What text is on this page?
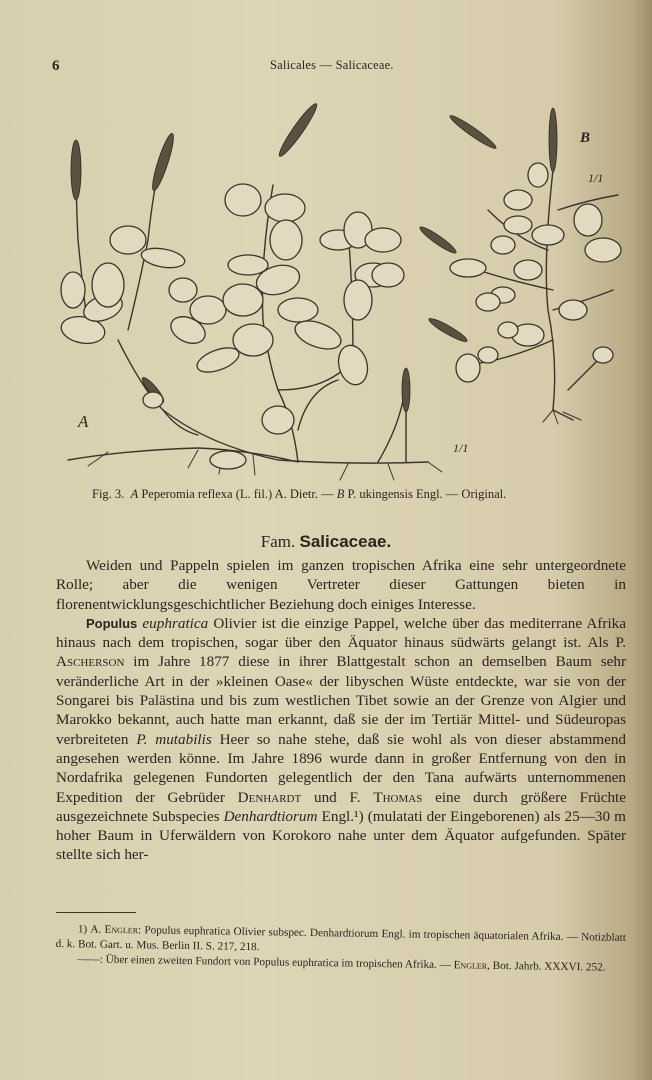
6	Salicales — Salicaceae.
A
B
1/1
1/1
Fig. 3. A Peperomia reflexa (L. fil.) A. Dietr. — B P. ukingensis Engl. — Original.
Fam. Salicaceae.

Weiden und Pappeln spielen im ganzen tropischen Afrika eine sehr untergeordnete Rolle; aber die wenigen Vertreter dieser Gattungen bieten in florenentwicklungsgeschichtlicher Beziehung doch einiges Interesse.

Populus euphratica Olivier ist die einzige Pappel, welche über das mediterrane Afrika hinaus nach dem tropischen, sogar über den Äquator hinaus südwärts gelangt ist. Als P. Ascherson im Jahre 1877 diese in ihrer Blattgestalt schon an demselben Baum sehr veränderliche Art in der »kleinen Oase« der libyschen Wüste entdeckte, war sie von der Songarei bis Palästina und bis zum westlichen Tibet sowie an der Grenze von Algier und Marokko bekannt, auch hatte man erkannt, daß sie der im Tertiär Mittel- und Südeuropas verbreiteten P. mutabilis Heer so nahe stehe, daß sie wohl als von dieser abstammend angesehen werden könne. Im Jahre 1896 wurde dann in großer Entfernung von den in Nordafrika gelegenen Fundorten gelegentlich der den Tana aufwärts unternommenen Expedition der Gebrüder Denhardt und F. Thomas eine durch größere Früchte ausgezeichnete Subspecies Denhardtiorum Engl.¹) (mulatati der Eingeborenen) als 25—30 m hoher Baum in Uferwäldern von Korokoro nahe unter dem Äquator aufgefunden. Später stellte sich her-

1) A. Engler: Populus euphratica Olivier subspec. Denhardtiorum Engl. im tropischen äquatorialen Afrika. — Notizblatt d. k. Bot. Gart. u. Mus. Berlin II. S. 217, 218.

——: Über einen zweiten Fundort von Populus euphratica im tropischen Afrika. — Engler, Bot. Jahrb. XXXVI. 252.
